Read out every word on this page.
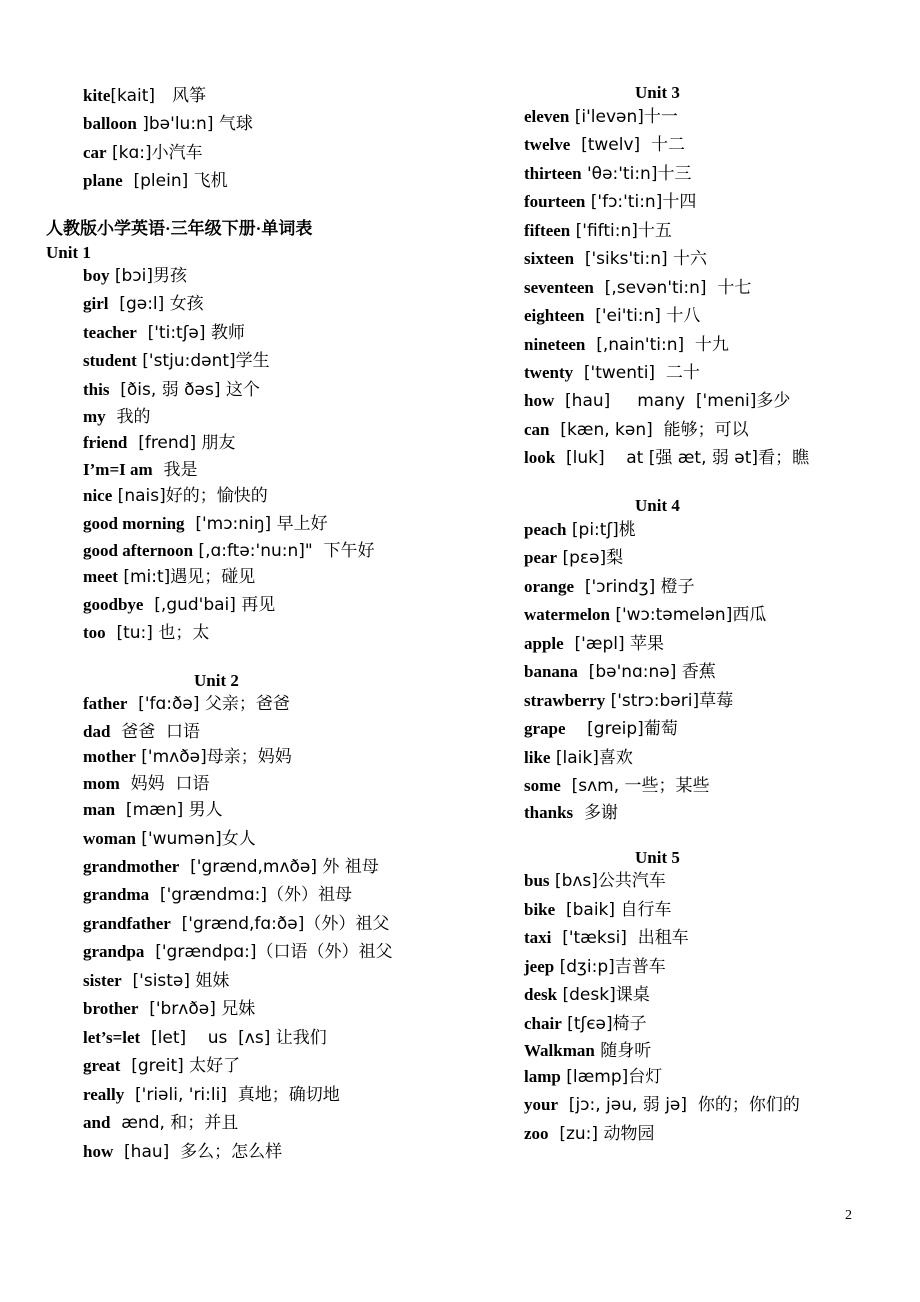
kite[kait]　风筝
balloon ]bə'lu:n] 气球
car [kɑ:]小汽车
plane  [plein] 飞机
人教版小学英语·三年级下册·单词表
Unit 1
boy [bɔi]男孩
girl  [gə:l] 女孩
teacher  ['ti:tʃə] 教师
student ['stju:dənt]学生
this  [ðis, 弱 ðəs] 这个
my  我的
friend  [frend] 朋友
I’m=I am  我是
nice [nais]好的；愉快的
good morning  ['mɔ:niŋ] 早上好
good afternoon [,ɑ:ftə:'nu:n]"  下午好
meet [mi:t]遇见；碰见
goodbye  [,gud'bai] 再见
too  [tu:] 也；太
Unit 2
father  ['fɑ:ðə] 父亲；爸爸
dad  爸爸  口语
mother ['mʌðə]母亲；妈妈
mom  妈妈  口语
man  [mæn] 男人
woman ['wumən]女人
grandmother  ['grænd,mʌðə] 外 祖母
grandma  ['grændmɑ:]（外）祖母
grandfather  ['grænd,fɑ:ðə]（外）祖父
grandpa  ['grændpɑ:]（口语（外）祖父
sister  ['sistə] 姐妹
brother  ['brʌðə] 兄妹
let’s=let  [let]    us  [ʌs] 让我们
great  [greit] 太好了
really  ['riəli, 'ri:li]  真地；确切地
and  ænd, 和；并且
how  [hau]  多么；怎么样
Unit 3
eleven [i'levən]十一
twelve  [twelv]  十二
thirteen 'θə:'ti:n]十三
fourteen ['fɔ:'ti:n]十四
fifteen ['fifti:n]十五
sixteen  ['siks'ti:n] 十六
seventeen  [,sevən'ti:n]  十七
eighteen  ['ei'ti:n] 十八
nineteen  [,nain'ti:n]  十九
twenty  ['twenti]  二十
how  [hau]     many  ['meni]多少
can  [kæn, kən]  能够；可以
look  [luk]    at [强 æt, 弱 ət]看；瞧
Unit 4
peach [pi:tʃ]桃
pear [pεə]梨
orange  ['ɔrindʒ] 橙子
watermelon ['wɔ:təmelən]西瓜
apple  ['æpl] 苹果
banana  [bə'nɑ:nə] 香蕉
strawberry ['strɔ:bəri]草莓
grape    [greip]葡萄
like [laik]喜欢
some  [sʌm, 一些；某些
thanks  多谢
Unit 5
bus [bʌs]公共汽车
bike  [baik] 自行车
taxi  ['tæksi]  出租车
jeep [dʒi:p]吉普车
desk [desk]课桌
chair [tʃєə]椅子
Walkman 随身听
lamp [læmp]台灯
your  [jɔ:, jəu, 弱 jə]  你的；你们的
zoo  [zu:] 动物园
2
